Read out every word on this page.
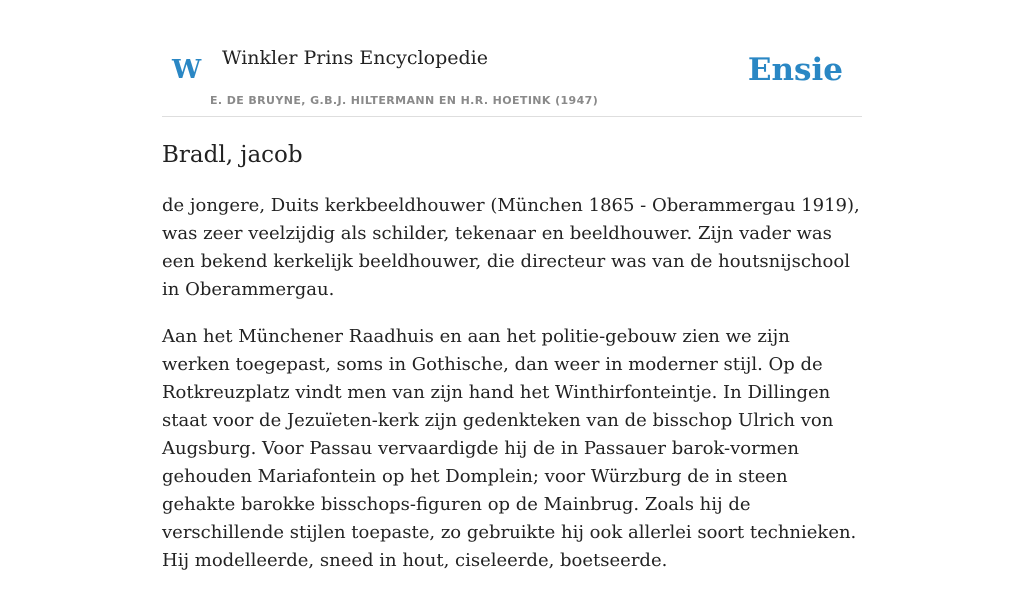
W Winkler Prins Encyclopedie
E. DE BRUYNE, G.B.J. HILTERMANN EN H.R. HOETINK (1947)
Ensie
Bradl, jacob

de jongere, Duits kerkbeeldhouwer (München 1865 - Oberammergau 1919), was zeer veelzijdig als schilder, tekenaar en beeldhouwer. Zijn vader was een bekend kerkelijk beeldhouwer, die directeur was van de houtsnijschool in Oberammergau.

Aan het Münchener Raadhuis en aan het politie-gebouw zien we zijn werken toegepast, soms in Gothische, dan weer in moderner stijl. Op de Rotkreuzplatz vindt men van zijn hand het Winthirfonteintje. In Dillingen staat voor de Jezuïeten-kerk zijn gedenkteken van de bisschop Ulrich von Augsburg. Voor Passau vervaardigde hij de in Passauer barok-vormen gehouden Mariafontein op het Domplein; voor Würzburg de in steen gehakte barokke bisschops-figuren op de Mainbrug. Zoals hij de verschillende stijlen toepaste, zo gebruikte hij ook allerlei soort technieken. Hij modelleerde, sneed in hout, ciseleerde, boetseerde.
